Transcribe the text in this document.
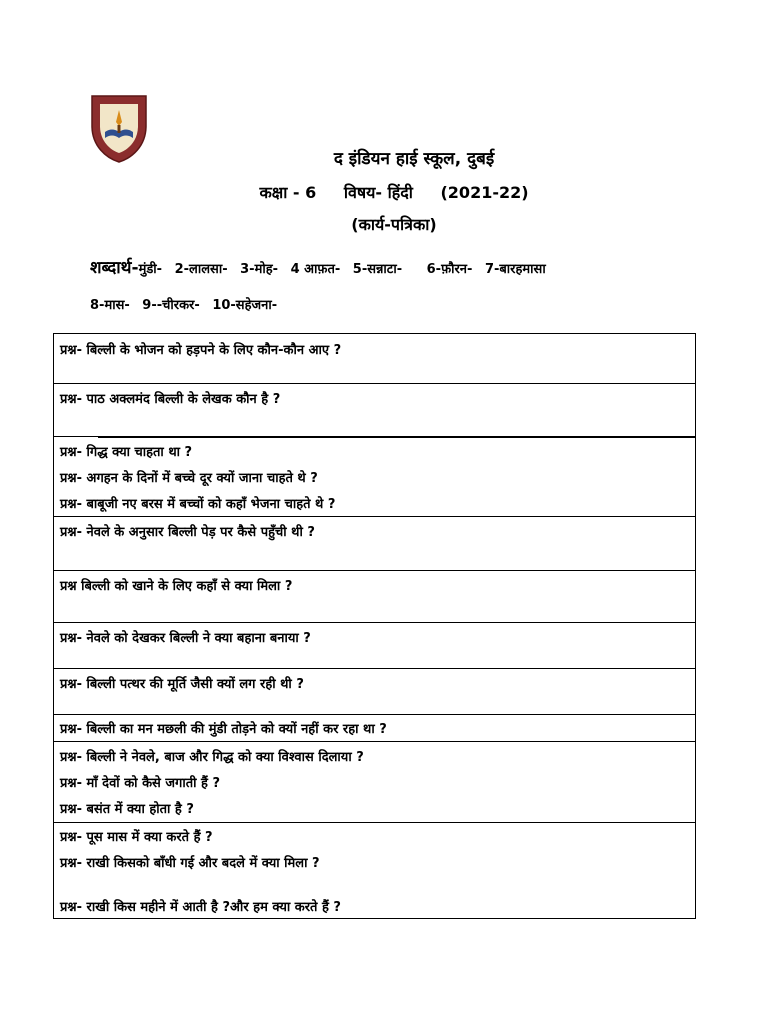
द इंडियन हाई स्कूल, दुबई
कक्षा - 6 विषय- हिंदी (2021-22)
(कार्य-पत्रिका)
शब्दार्थ-मुंडी- 2-लालसा- 3-मोह- 4 आफ़त- 5-सन्नाटा- 6-फ़ौरन- 7-बारहमासा
8-मास- 9--चीरकर- 10-सहेजना-
प्रश्न- बिल्ली के भोजन को हड़पने के लिए कौन-कौन आए ?
प्रश्न- पाठ अक्लमंद बिल्ली के लेखक कौन है ?
प्रश्न- गिद्ध क्या चाहता था ?
प्रश्न- अगहन के दिनों में बच्चे दूर क्यों जाना चाहते थे ?
प्रश्न- बाबूजी नए बरस में बच्चों को कहाँ भेजना चाहते थे ?
प्रश्न- नेवले के अनुसार बिल्ली पेड़ पर कैसे पहुँची थी ?
प्रश्न बिल्ली को खाने के लिए कहाँ से क्या मिला ?
प्रश्न- नेवले को देखकर बिल्ली ने क्या बहाना बनाया ?
प्रश्न- बिल्ली पत्थर की मूर्ति जैसी क्यों लग रही थी ?
प्रश्न- बिल्ली का मन मछली की मुंडी तोड़ने को क्यों नहीं कर रहा था ?
प्रश्न- बिल्ली ने नेवले, बाज और गिद्ध को क्या विश्वास दिलाया ?
प्रश्न- माँ देवों को कैसे जगाती हैं ?
प्रश्न- बसंत में क्या होता है ?
प्रश्न- पूस मास में क्या करते हैं ?
प्रश्न- राखी किसको बाँधी गई और बदले में क्या मिला ?
प्रश्न- राखी किस महीने में आती है ?और हम क्या करते हैं ?
